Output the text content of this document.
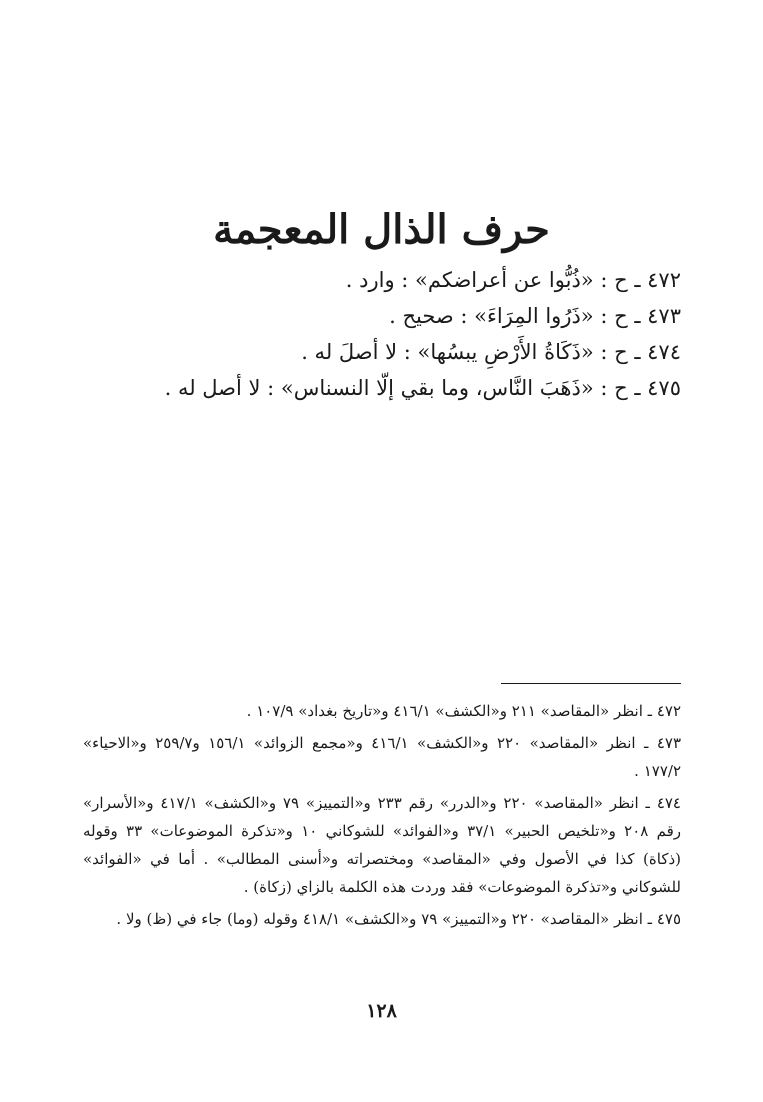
حرف الذال المعجمة
٤٧٢ ـ ح : «ذُبُّوا عن أعراضكم» : وارد .
٤٧٣ ـ ح : «ذَرُوا المِرَاءَ» : صحيح .
٤٧٤ ـ ح : «ذَكَاةُ الأَرْضِ يبسُها» : لا أصلَ له .
٤٧٥ ـ ح : «ذَهَبَ النَّاس، وما بقي إلّا النسناس» : لا أصل له .

٤٧٢ ـ انظر «المقاصد» ٢١١ و«الكشف» ٤١٦/١ و«تاريخ بغداد» ١٠٧/٩ .

٤٧٣ ـ انظر «المقاصد» ٢٢٠ و«الكشف» ٤١٦/١ و«مجمع الزوائد» ١٥٦/١ و٢٥٩/٧ و«الاحياء» ١٧٧/٢ .

٤٧٤ ـ انظر «المقاصد» ٢٢٠ و«الدرر» رقم ٢٣٣ و«التمييز» ٧٩ و«الكشف» ٤١٧/١ و«الأسرار» رقم ٢٠٨ و«تلخيص الحبير» ٣٧/١ و«الفوائد» للشوكاني ١٠ و«تذكرة الموضوعات» ٣٣ وقوله (ذكاة) كذا في الأصول وفي «المقاصد» ومختصراته و«أسنى المطالب» . أما في «الفوائد» للشوكاني و«تذكرة الموضوعات» فقد وردت هذه الكلمة بالزاي (زكاة) .

٤٧٥ ـ انظر «المقاصد» ٢٢٠ و«التمييز» ٧٩ و«الكشف» ٤١٨/١ وقوله (وما) جاء في (ظ) ولا .

١٢٨
